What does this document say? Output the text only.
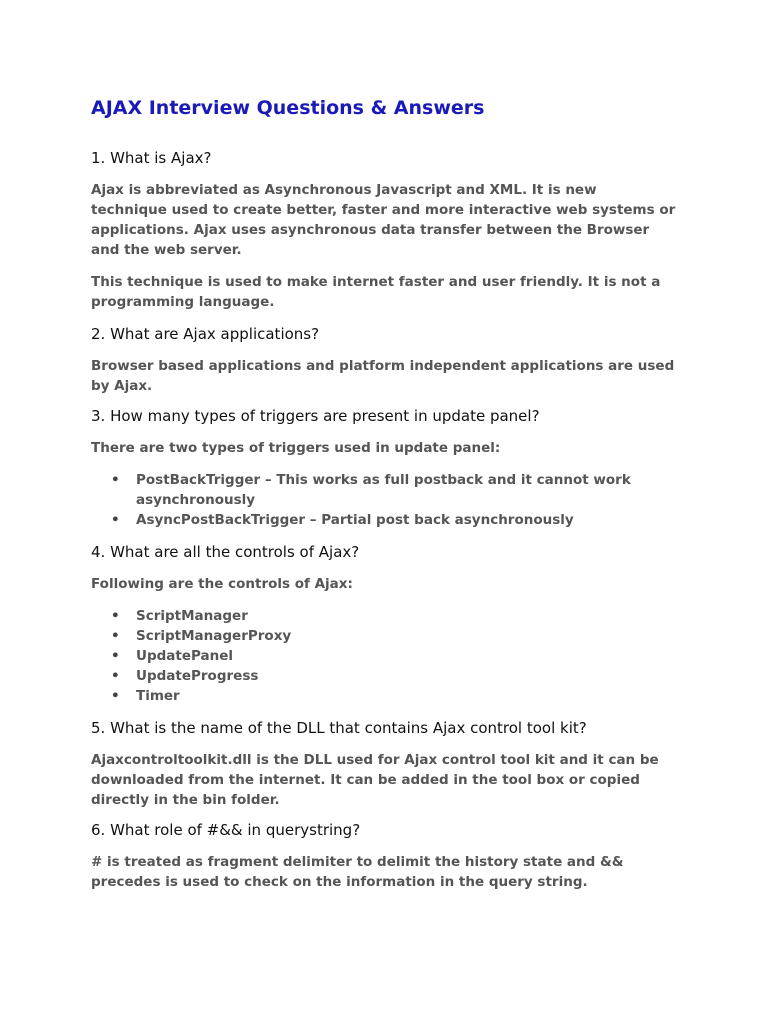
AJAX Interview Questions & Answers

1. What is Ajax?

Ajax is abbreviated as Asynchronous Javascript and XML. It is new technique used to create better, faster and more interactive web systems or applications. Ajax uses asynchronous data transfer between the Browser and the web server.

This technique is used to make internet faster and user friendly. It is not a programming language.

2. What are Ajax applications?

Browser based applications and platform independent applications are used by Ajax.

3. How many types of triggers are present in update panel?

There are two types of triggers used in update panel:

• PostBackTrigger – This works as full postback and it cannot work asynchronously
• AsyncPostBackTrigger – Partial post back asynchronously

4. What are all the controls of Ajax?

Following are the controls of Ajax:

• ScriptManager
• ScriptManagerProxy
• UpdatePanel
• UpdateProgress
• Timer

5. What is the name of the DLL that contains Ajax control tool kit?

Ajaxcontroltoolkit.dll is the DLL used for Ajax control tool kit and it can be downloaded from the internet. It can be added in the tool box or copied directly in the bin folder.

6. What role of #&& in querystring?

# is treated as fragment delimiter to delimit the history state and && precedes is used to check on the information in the query string.
